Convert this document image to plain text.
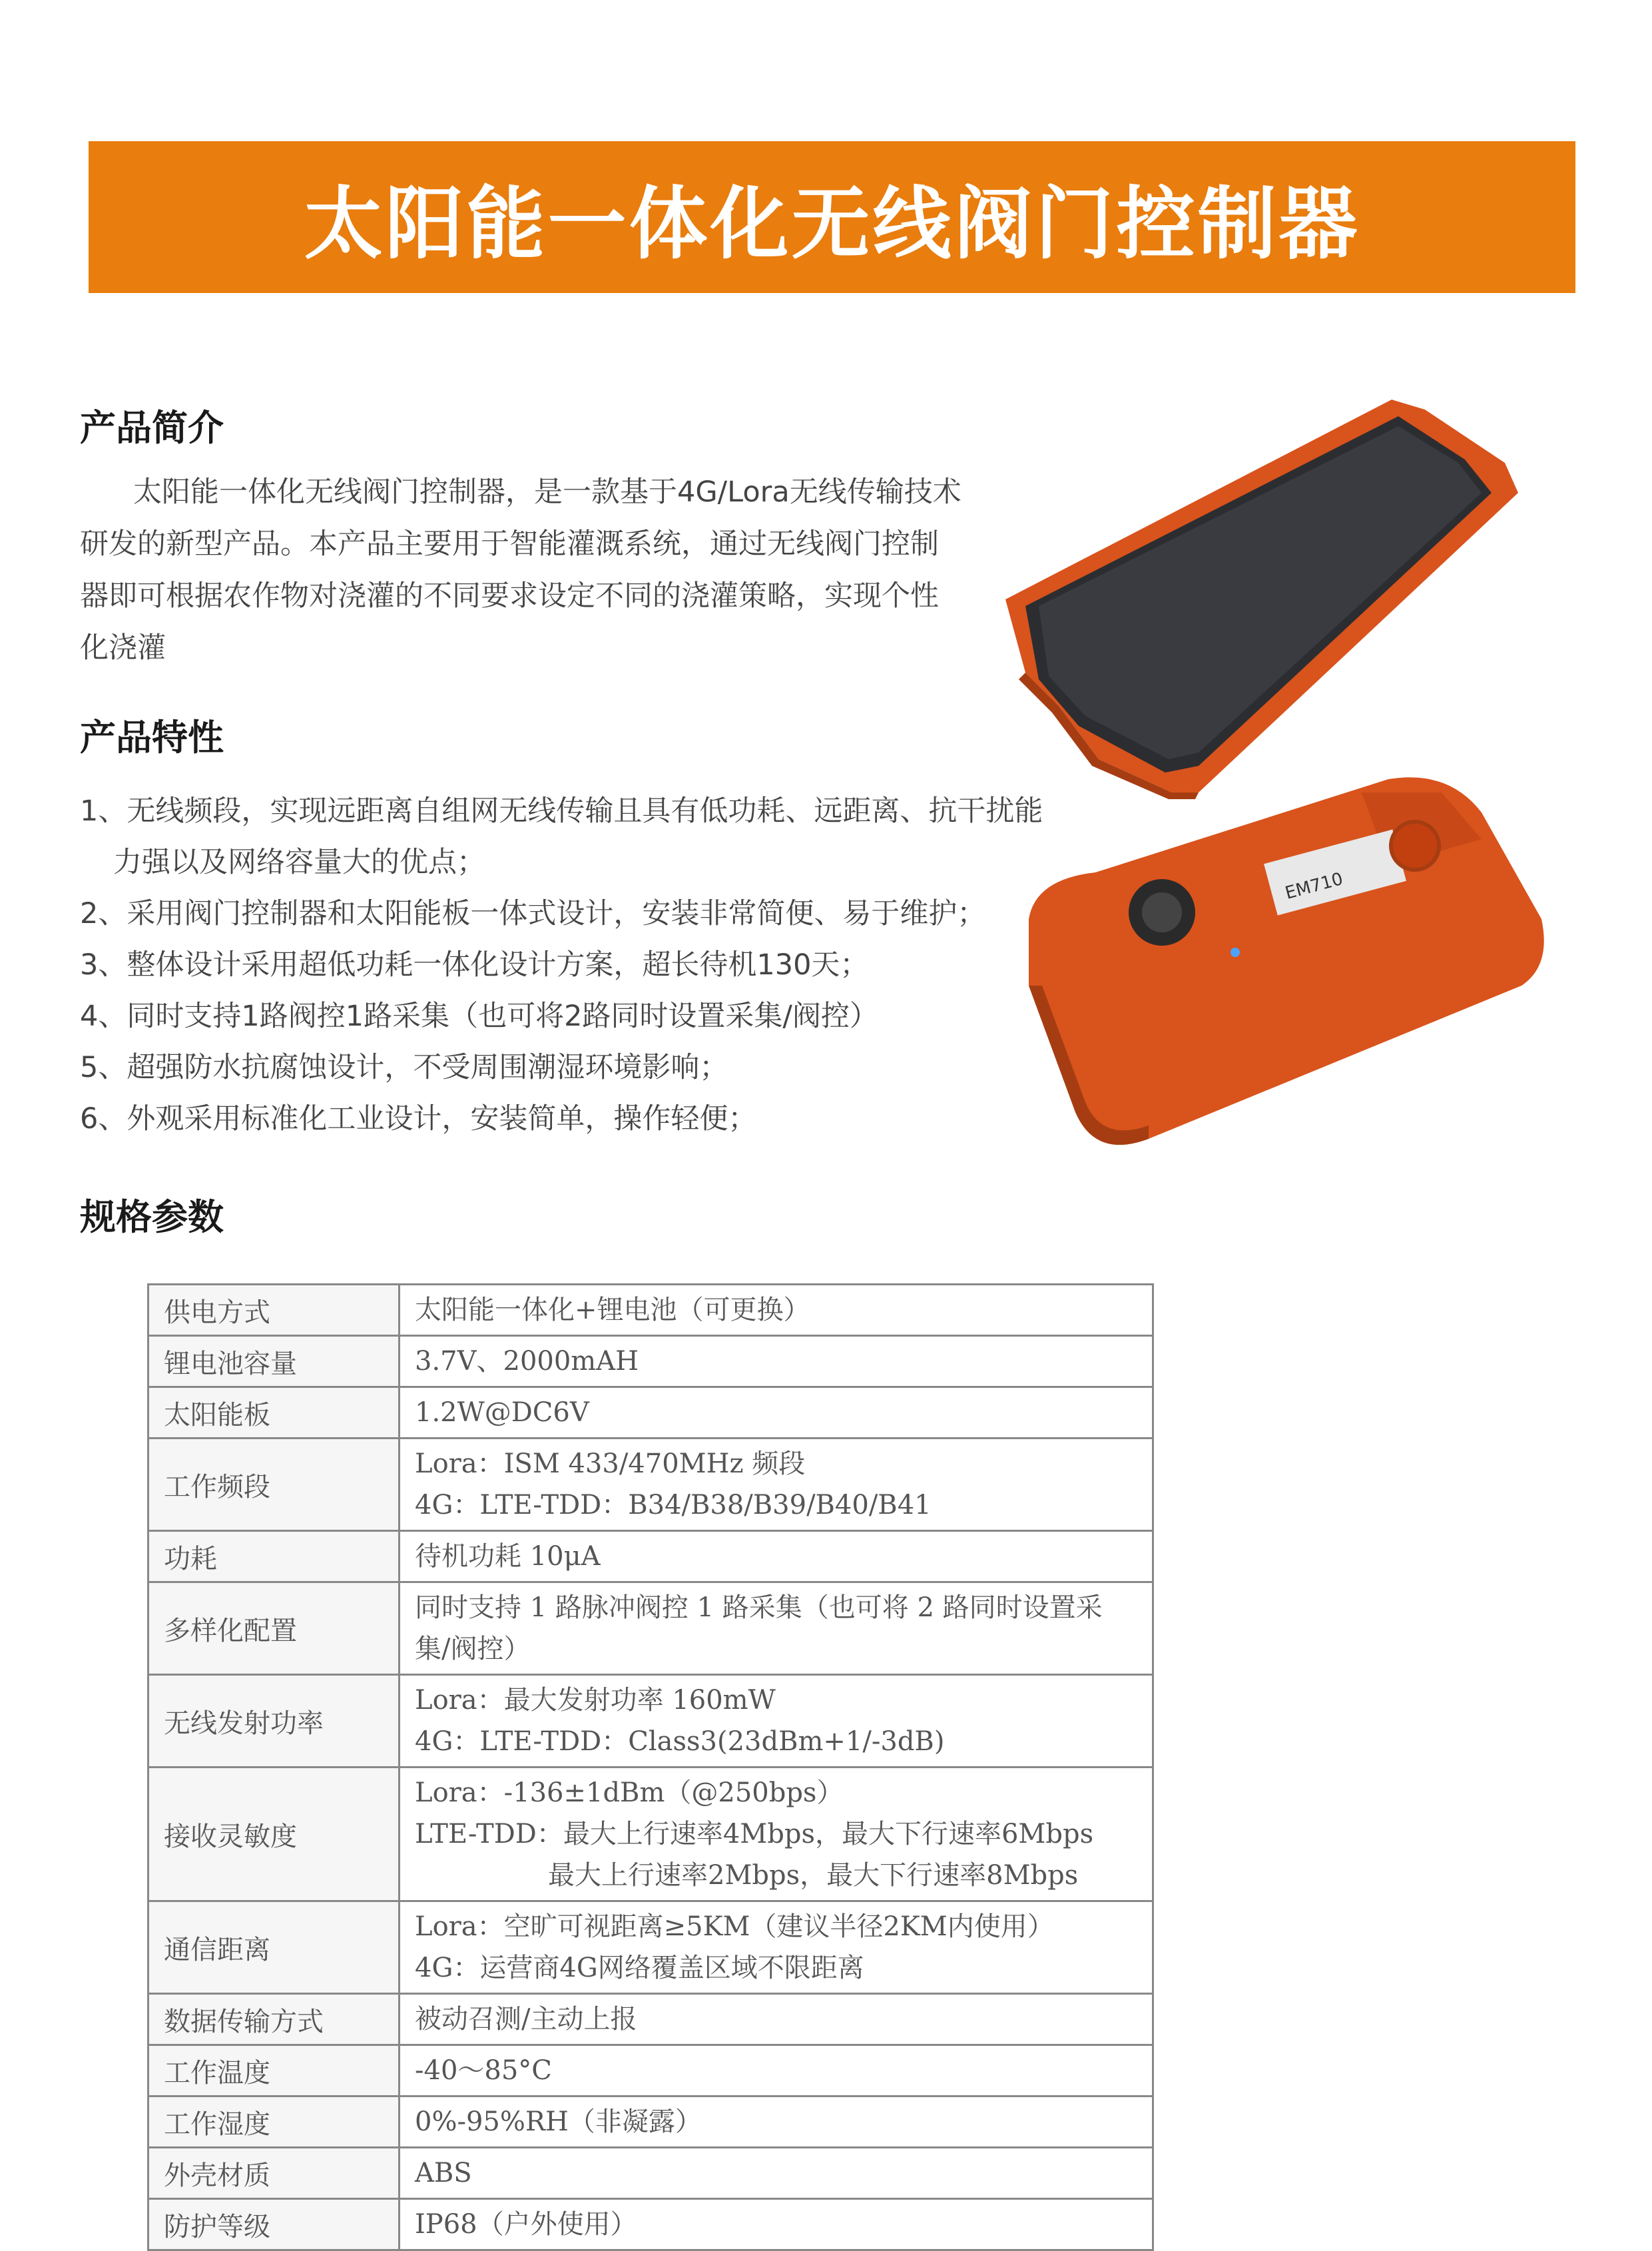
太阳能一体化无线阀门控制器
产品简介

太阳能一体化无线阀门控制器，是一款基于4G/Lora无线传输技术研发的新型产品。本产品主要用于智能灌溉系统，通过无线阀门控制器即可根据农作物对浇灌的不同要求设定不同的浇灌策略，实现个性化浇灌

产品特性
1、无线频段，实现远距离自组网无线传输且具有低功耗、远距离、抗干扰能力强以及网络容量大的优点；
2、采用阀门控制器和太阳能板一体式设计，安装非常简便、易于维护；
3、整体设计采用超低功耗一体化设计方案，超长待机130天；
4、同时支持1路阀控1路采集（也可将2路同时设置采集/阀控）
5、超强防水抗腐蚀设计，不受周围潮湿环境影响；
6、外观采用标准化工业设计，安装简单，操作轻便；
规格参数
EM710
供电方式	太阳能一体化+锂电池（可更换）

锂电池容量	3.7V、2000mAH

太阳能板	1.2W@DC6V

工作频段	Lora：ISM 433/470MHz 频段
4G：LTE-TDD：B34/B38/B39/B40/B41

功耗	待机功耗 10μA

多样化配置	同时支持 1 路脉冲阀控 1 路采集（也可将 2 路同时设置采集/阀控）

无线发射功率	Lora：最大发射功率 160mW
4G：LTE-TDD：Class3(23dBm+1/-3dB)

接收灵敏度	Lora：-136±1dBm（@250bps）
LTE-TDD：最大上行速率4Mbps，最大下行速率6Mbps
最大上行速率2Mbps，最大下行速率8Mbps

通信距离	Lora：空旷可视距离≥5KM（建议半径2KM内使用）
4G：运营商4G网络覆盖区域不限距离

数据传输方式	被动召测/主动上报

工作温度	-40～85°C

工作湿度	0%-95%RH（非凝露）

外壳材质	ABS

防护等级	IP68（户外使用）
